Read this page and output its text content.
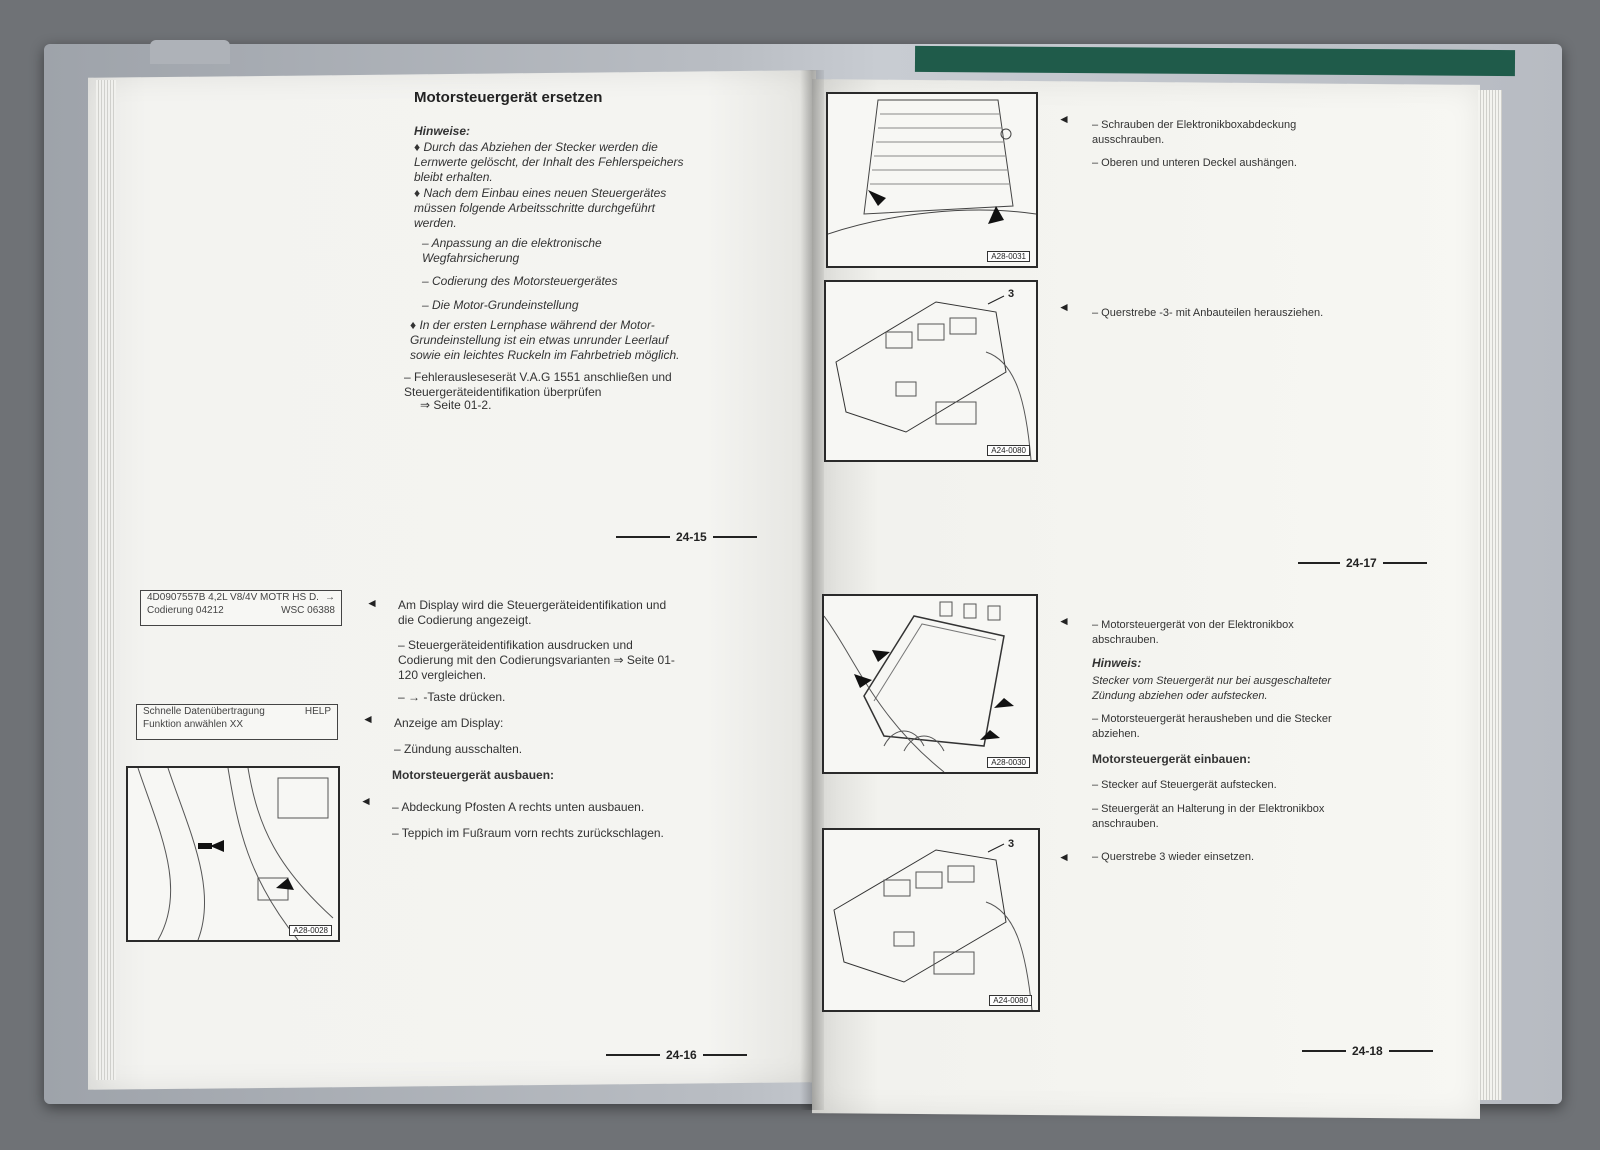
Motorsteuergerät ersetzen
Hinweise:
♦ Durch das Abziehen der Stecker werden die Lernwerte gelöscht, der Inhalt des Fehlerspeichers bleibt erhalten.
♦ Nach dem Einbau eines neuen Steuergerätes müssen folgende Arbeitsschritte durchgeführt werden.
– Anpassung an die elektronische Wegfahrsicherung
– Codierung des Motorsteuergerätes
– Die Motor-Grundeinstellung
♦ In der ersten Lernphase während der Motor-Grundeinstellung ist ein etwas unrunder Leerlauf sowie ein leichtes Ruckeln im Fahrbetrieb möglich.
– Fehlerausleseserät V.A.G 1551 anschließen und Steuergeräteidentifikation überprüfen
⇒ Seite 01-2.
24-15
4D0907557B 4,2L V8/4V MOTR HS D. →
Codierung 04212	WSC 06388
◄ Am Display wird die Steuergeräteidentifikation und die Codierung angezeigt.
– Steuergeräteidentifikation ausdrucken und Codierung mit den Codierungsvarianten ⇒ Seite 01-120 vergleichen.
– → -Taste drücken.
Schnelle Datenübertragung	HELP
Funktion anwählen XX	◄ Anzeige am Display:
– Zündung ausschalten.
Motorsteuergerät ausbauen:
A28-0028
◄ – Abdeckung Pfosten A rechts unten ausbauen.
– Teppich im Fußraum vorn rechts zurückschlagen.
24-16
A28-0031
◄ – Schrauben der Elektronikboxabdeckung ausschrauben.
– Oberen und unteren Deckel aushängen.
3
A24-0080
◄ – Querstrebe -3- mit Anbauteilen herausziehen.
24-17
A28-0030
◄ – Motorsteuergerät von der Elektronikbox abschrauben.
Hinweis:
Stecker vom Steuergerät nur bei ausgeschalteter Zündung abziehen oder aufstecken.
– Motorsteuergerät herausheben und die Stecker abziehen.
Motorsteuergerät einbauen:
– Stecker auf Steuergerät aufstecken.
– Steuergerät an Halterung in der Elektronikbox anschrauben.
3
A24-0080
◄ – Querstrebe 3 wieder einsetzen.
24-18
